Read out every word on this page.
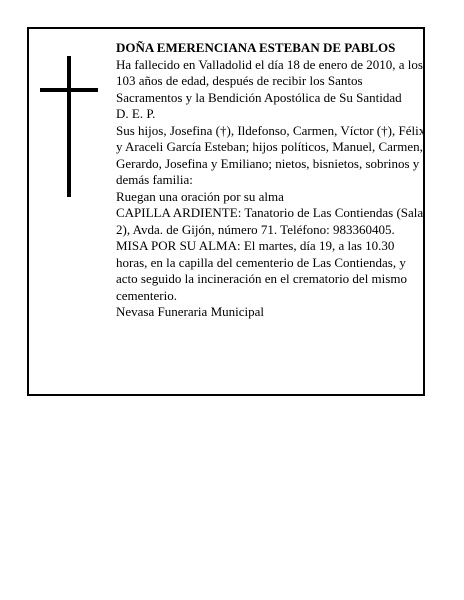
DOÑA EMERENCIANA ESTEBAN DE PABLOS

Ha fallecido en Valladolid el día 18 de enero de 2010, a los 103 años de edad, después de recibir los Santos Sacramentos y la Bendición Apostólica de Su Santidad

D. E. P.

Sus hijos, Josefina (†), Ildefonso, Carmen, Víctor (†), Félix y Araceli García Esteban; hijos políticos, Manuel, Carmen, Gerardo, Josefina y Emiliano; nietos, bisnietos, sobrinos y demás familia:

Ruegan una oración por su alma

CAPILLA ARDIENTE: Tanatorio de Las Contiendas (Sala 2), Avda. de Gijón, número 71. Teléfono: 983360405.

MISA POR SU ALMA: El martes, día 19, a las 10.30 horas, en la capilla del cementerio de Las Contiendas, y acto seguido la incineración en el crematorio del mismo cementerio.

Nevasa Funeraria Municipal
